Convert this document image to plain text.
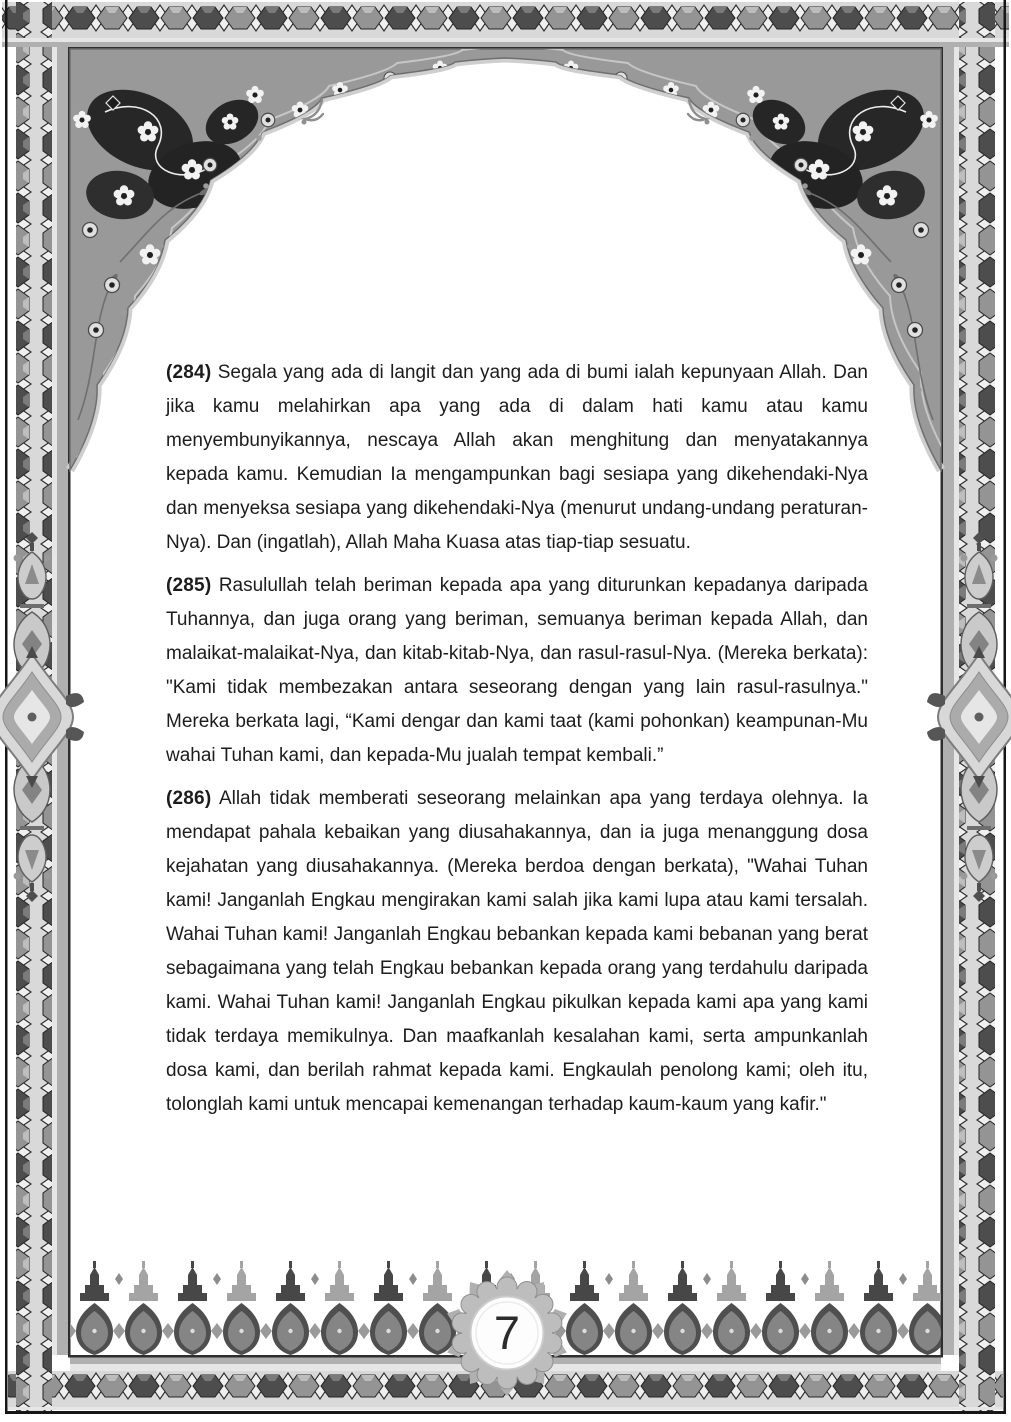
(284) Segala yang ada di langit dan yang ada di bumi ialah kepunyaan Allah. Dan jika kamu melahirkan apa yang ada di dalam hati kamu atau kamu menyembunyikannya, nescaya Allah akan menghitung dan menyatakannya kepada kamu. Kemudian Ia mengampunkan bagi sesiapa yang dikehendaki-Nya dan menyeksa sesiapa yang dikehendaki-Nya (menurut undang-undang peraturan-Nya). Dan (ingatlah), Allah Maha Kuasa atas tiap-tiap sesuatu.

(285) Rasulullah telah beriman kepada apa yang diturunkan kepadanya daripada Tuhannya, dan juga orang yang beriman, semuanya beriman kepada Allah, dan malaikat-malaikat-Nya, dan kitab-kitab-Nya, dan rasul-rasul-Nya. (Mereka berkata): "Kami tidak membezakan antara seseorang dengan yang lain rasul-rasulnya." Mereka berkata lagi, “Kami dengar dan kami taat (kami pohonkan) keampunan-Mu wahai Tuhan kami, dan kepada-Mu jualah tempat kembali.”

(286) Allah tidak memberati seseorang melainkan apa yang terdaya olehnya. Ia mendapat pahala kebaikan yang diusahakannya, dan ia juga menanggung dosa kejahatan yang diusahakannya. (Mereka berdoa dengan berkata), "Wahai Tuhan kami! Janganlah Engkau mengirakan kami salah jika kami lupa atau kami tersalah. Wahai Tuhan kami! Janganlah Engkau bebankan kepada kami bebanan yang berat sebagaimana yang telah Engkau bebankan kepada orang yang terdahulu daripada kami. Wahai Tuhan kami! Janganlah Engkau pikulkan kepada kami apa yang kami tidak terdaya memikulnya. Dan maafkanlah kesalahan kami, serta ampunkanlah dosa kami, dan berilah rahmat kepada kami. Engkaulah penolong kami; oleh itu, tolonglah kami untuk mencapai kemenangan terhadap kaum-kaum yang kafir."

7
